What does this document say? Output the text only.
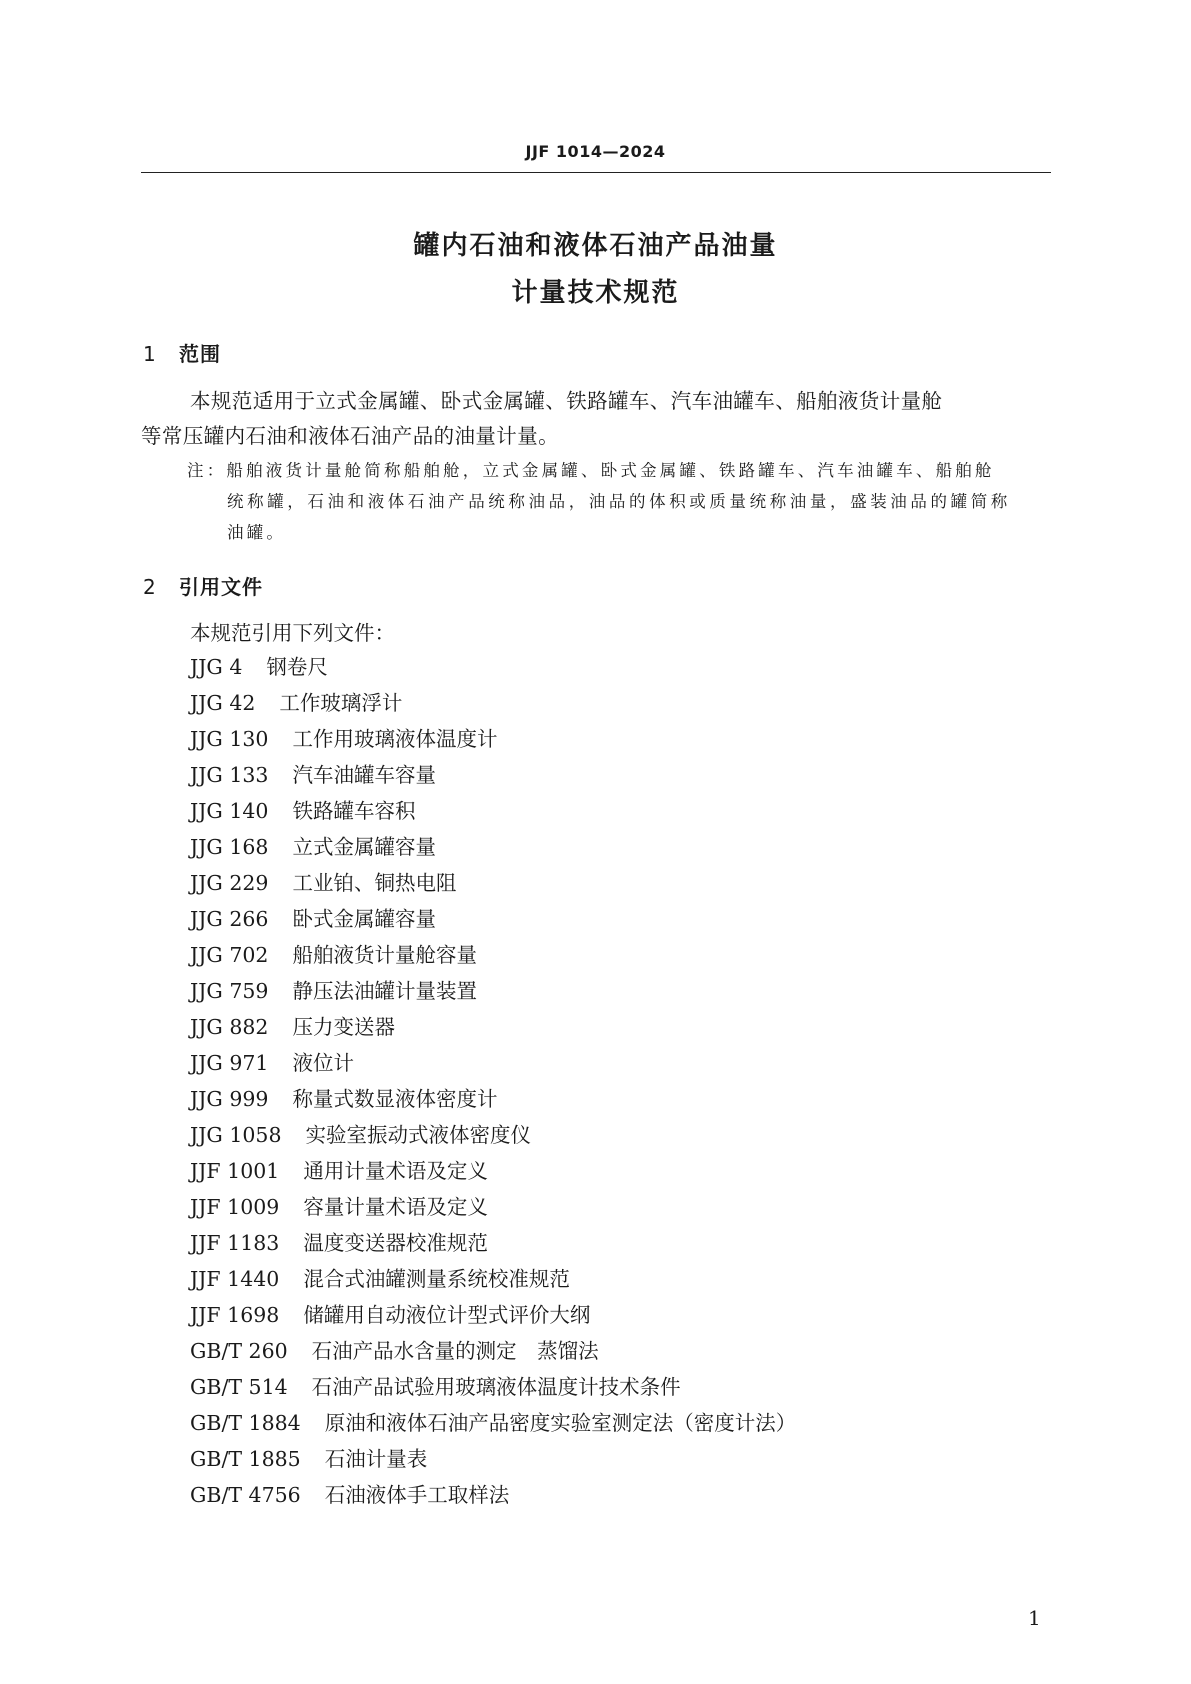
JJF 1014—2024
罐内石油和液体石油产品油量
计量技术规范
1 范围
本规范适用于立式金属罐、卧式金属罐、铁路罐车、汽车油罐车、船舶液货计量舱
等常压罐内石油和液体石油产品的油量计量。
注：船舶液货计量舱简称船舶舱，立式金属罐、卧式金属罐、铁路罐车、汽车油罐车、船舶舱
统称罐，石油和液体石油产品统称油品，油品的体积或质量统称油量，盛装油品的罐简称
油罐。
2 引用文件
本规范引用下列文件：
JJG 4 钢卷尺
JJG 42 工作玻璃浮计
JJG 130 工作用玻璃液体温度计
JJG 133 汽车油罐车容量
JJG 140 铁路罐车容积
JJG 168 立式金属罐容量
JJG 229 工业铂、铜热电阻
JJG 266 卧式金属罐容量
JJG 702 船舶液货计量舱容量
JJG 759 静压法油罐计量装置
JJG 882 压力变送器
JJG 971 液位计
JJG 999 称量式数显液体密度计
JJG 1058 实验室振动式液体密度仪
JJF 1001 通用计量术语及定义
JJF 1009 容量计量术语及定义
JJF 1183 温度变送器校准规范
JJF 1440 混合式油罐测量系统校准规范
JJF 1698 储罐用自动液位计型式评价大纲
GB/T 260 石油产品水含量的测定　蒸馏法
GB/T 514 石油产品试验用玻璃液体温度计技术条件
GB/T 1884 原油和液体石油产品密度实验室测定法（密度计法）
GB/T 1885 石油计量表
GB/T 4756 石油液体手工取样法
1
